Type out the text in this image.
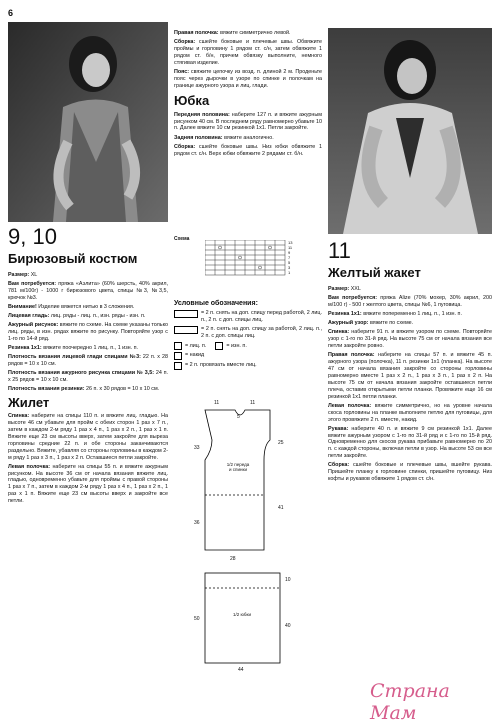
6
9, 10
Бирюзовый костюм

Размер: XL

Вам потребуется: пряжа «Аэлита» (60% шерсть, 40% акрил, 781 м/100г) - 1000 г бирюзового цвета, спицы №3, №3,5, крючок №3.

Внимание! Изделие вяжется нитью в 3 сложения.

Лицевая гладь: лиц. ряды - лиц. п., изн. ряды - изн. п.

Ажурный рисунок: вяжите по схеме. На схеме указаны только лиц. ряды, в изн. рядах вяжите по рисунку. Повторяйте узор с 1-го по 14-й ряд.

Резинка 1х1: вяжите поочередно 1 лиц. п., 1 изн. п.

Плотность вязания лицевой глади спицами №3: 22 п. х 28 рядов = 10 х 10 см.

Плотность вязания ажурного рисунка спицами № 3,5: 24 п. х 25 рядов = 10 х 10 см.

Плотность вязания резинки: 26 п. х 30 рядов = 10 х 10 см.

Жилет

Спинка: наберите на спицы 110 п. и вяжите лиц. гладью. На высоте 46 см убавьте для пройм с обеих сторон 1 раз х 7 п., затем в каждом 2-м ряду 1 раз х 4 п., 1 раз х 2 п., 1 раз х 1 п. Вяжите еще 23 см высоты вверх, затем закройте для выреза горловины средние 22 п. и обе стороны заканчиваются раздельно. Вяжите, убавляя со стороны горловины в каждом 2-м ряду 1 раз х 3 п., 1 раз х 2 п. Оставшиеся петли закройте.

Левая полочка: наберите на спицы 55 п. и вяжите ажурным рисунком. На высоте 36 см от начала вязания вяжите лиц. гладью, одновременно убавьте для проймы с правой стороны 1 раз х 7 п., затем в каждом 2-м ряду 1 раз х 4 п., 1 раз х 2 п., 1 раз х 1 п. Вяжите еще 23 см высоты вверх и закройте все петли.

Правая полочка: вяжите симметрично левой.

Сборка: сшейте боковые и плечевые швы. Обвяжите проймы и горловину 1 рядом ст. с/н, затем обвяжите 1 рядом ст. б/н, причем обвязку выполните, немного стягивая изделие.

Пояс: свяжите цепочку из возд. п. длиной 2 м. Проденьте пояс через дырочки в узоре по спинке и полочкам на границе ажурного узора и лиц. глади.

Юбка

Передняя половина: наберите 127 п. и вяжите ажурным рисунком 40 см. В последнем ряду равномерно убавьте 10 п. Далее вяжите 10 см резинкой 1х1. Петли закройте.

Задняя половина: вяжите аналогично.

Сборка: сшейте боковые швы. Низ юбки обвяжите 1 рядом ст. с/н. Верх юбки обвяжите 2 рядами ст. б/н.

Схема
13
11
9
7
5
3
1
Условные обозначения:
= 2 п. снять на доп. спицу перед работой, 2 лиц. п., 2 п. с доп. спицы лиц.
= 2 п. снять на доп. спицу за работой, 2 лиц. п., 2 п. с доп. спицы лиц.
= лиц. п.	= изн. п.
= накид
= 2 п. провязать вместе лиц.
11	11
5
33
36
25
41
1/2 переда и спинки
28
50
10
40
1/2 юбки
44
11
Желтый жакет

Размер: XXL

Вам потребуется: пряжа Alize (70% мохер, 30% акрил, 200 м/100 г) - 500 г желтого цвета, спицы №6, 1 пуговица.

Резинка 1х1: вяжите попеременно 1 лиц. п., 1 изн. п.

Ажурный узор: вяжите по схеме.

Спинка: наберите 91 п. и вяжите узором по схеме. Повторяйте узор с 1-го по 31-й ряд. На высоте 75 см от начала вязания все петли закройте ровно.

Правая полочка: наберите на спицы 57 п. и вяжите 45 п. ажурного узора (полочка), 11 п. резинки 1х1 (планка). На высоте 47 см от начала вязания закройте со стороны горловины равномерно вместе 1 раз х 2 п., 1 раз х 3 п., 1 раз х 2 п. На высоте 75 см от начала вязания закройте оставшиеся петли плеча, оставив открытыми петли планки. Провяжите еще 16 см резинкой 1х1 петли планки.

Левая полочка: вяжите симметрично, но на уровне начала скоса горловины на планке выполните петлю для пуговицы, для этого провяжите 2 п. вместе, накид.

Рукава: наберите 40 п. и вяжите 9 см резинкой 1х1. Далее вяжите ажурным узором с 1-го по 31-й ряд и с 1-го по 15-й ряд. Одновременно для скосов рукава прибавьте равномерно по 20 п. с каждой стороны, включая петли в узор. На высоте 53 см все петли закройте.

Сборка: сшейте боковые и плечевые швы, вшейте рукава. Пришейте планку к горловине спинки, пришейте пуговицу. Низ кофты и рукавов обвяжите 1 рядом ст. с/н.

Страна Мам
